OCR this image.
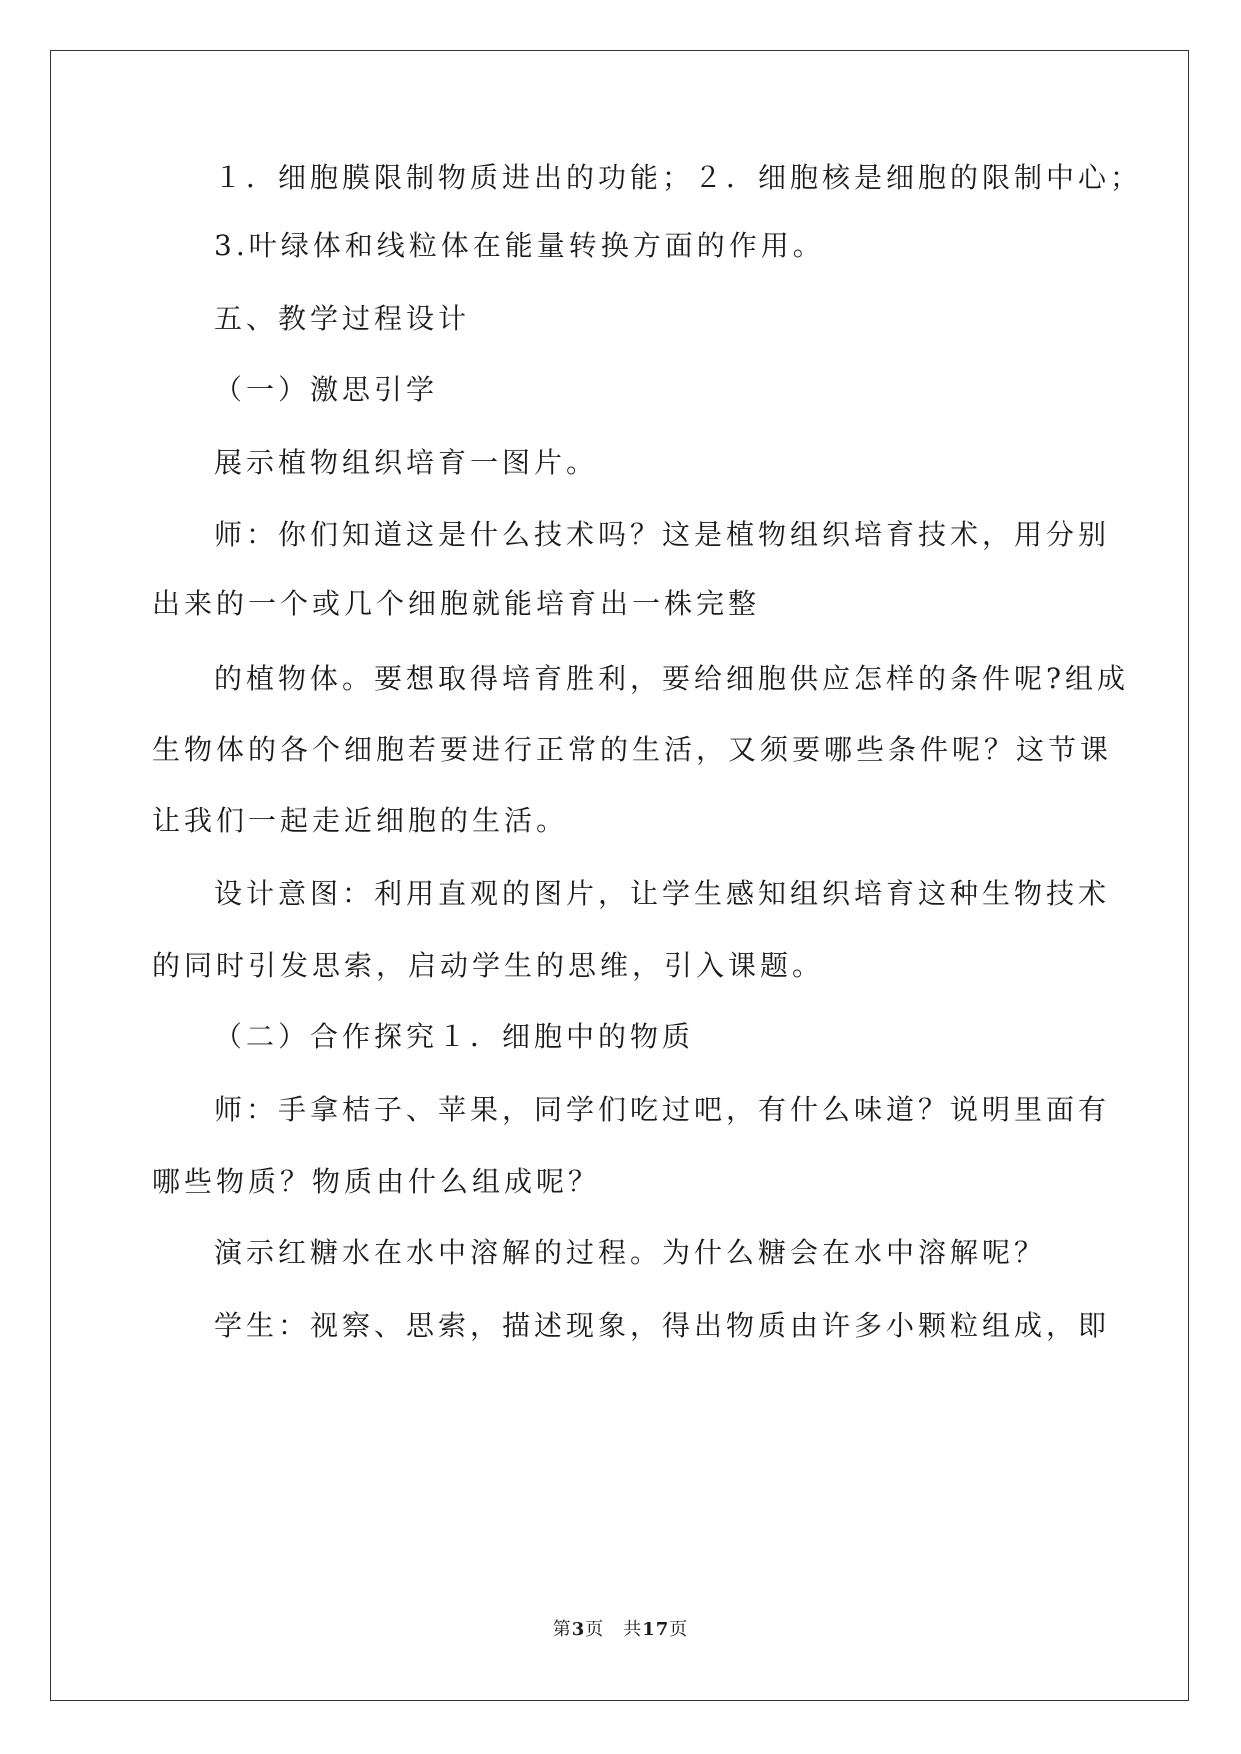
１．细胞膜限制物质进出的功能；２．细胞核是细胞的限制中心；
3.叶绿体和线粒体在能量转换方面的作用。
五、教学过程设计
（一）激思引学
展示植物组织培育一图片。
师：你们知道这是什么技术吗？这是植物组织培育技术，用分别
出来的一个或几个细胞就能培育出一株完整
的植物体。要想取得培育胜利，要给细胞供应怎样的条件呢?组成
生物体的各个细胞若要进行正常的生活，又须要哪些条件呢？这节课
让我们一起走近细胞的生活。
设计意图：利用直观的图片，让学生感知组织培育这种生物技术
的同时引发思索，启动学生的思维，引入课题。
（二）合作探究１．细胞中的物质
师：手拿桔子、苹果，同学们吃过吧，有什么味道？说明里面有
哪些物质？物质由什么组成呢？
演示红糖水在水中溶解的过程。为什么糖会在水中溶解呢？
学生：视察、思索，描述现象，得出物质由许多小颗粒组成，即
第3页　共17页
